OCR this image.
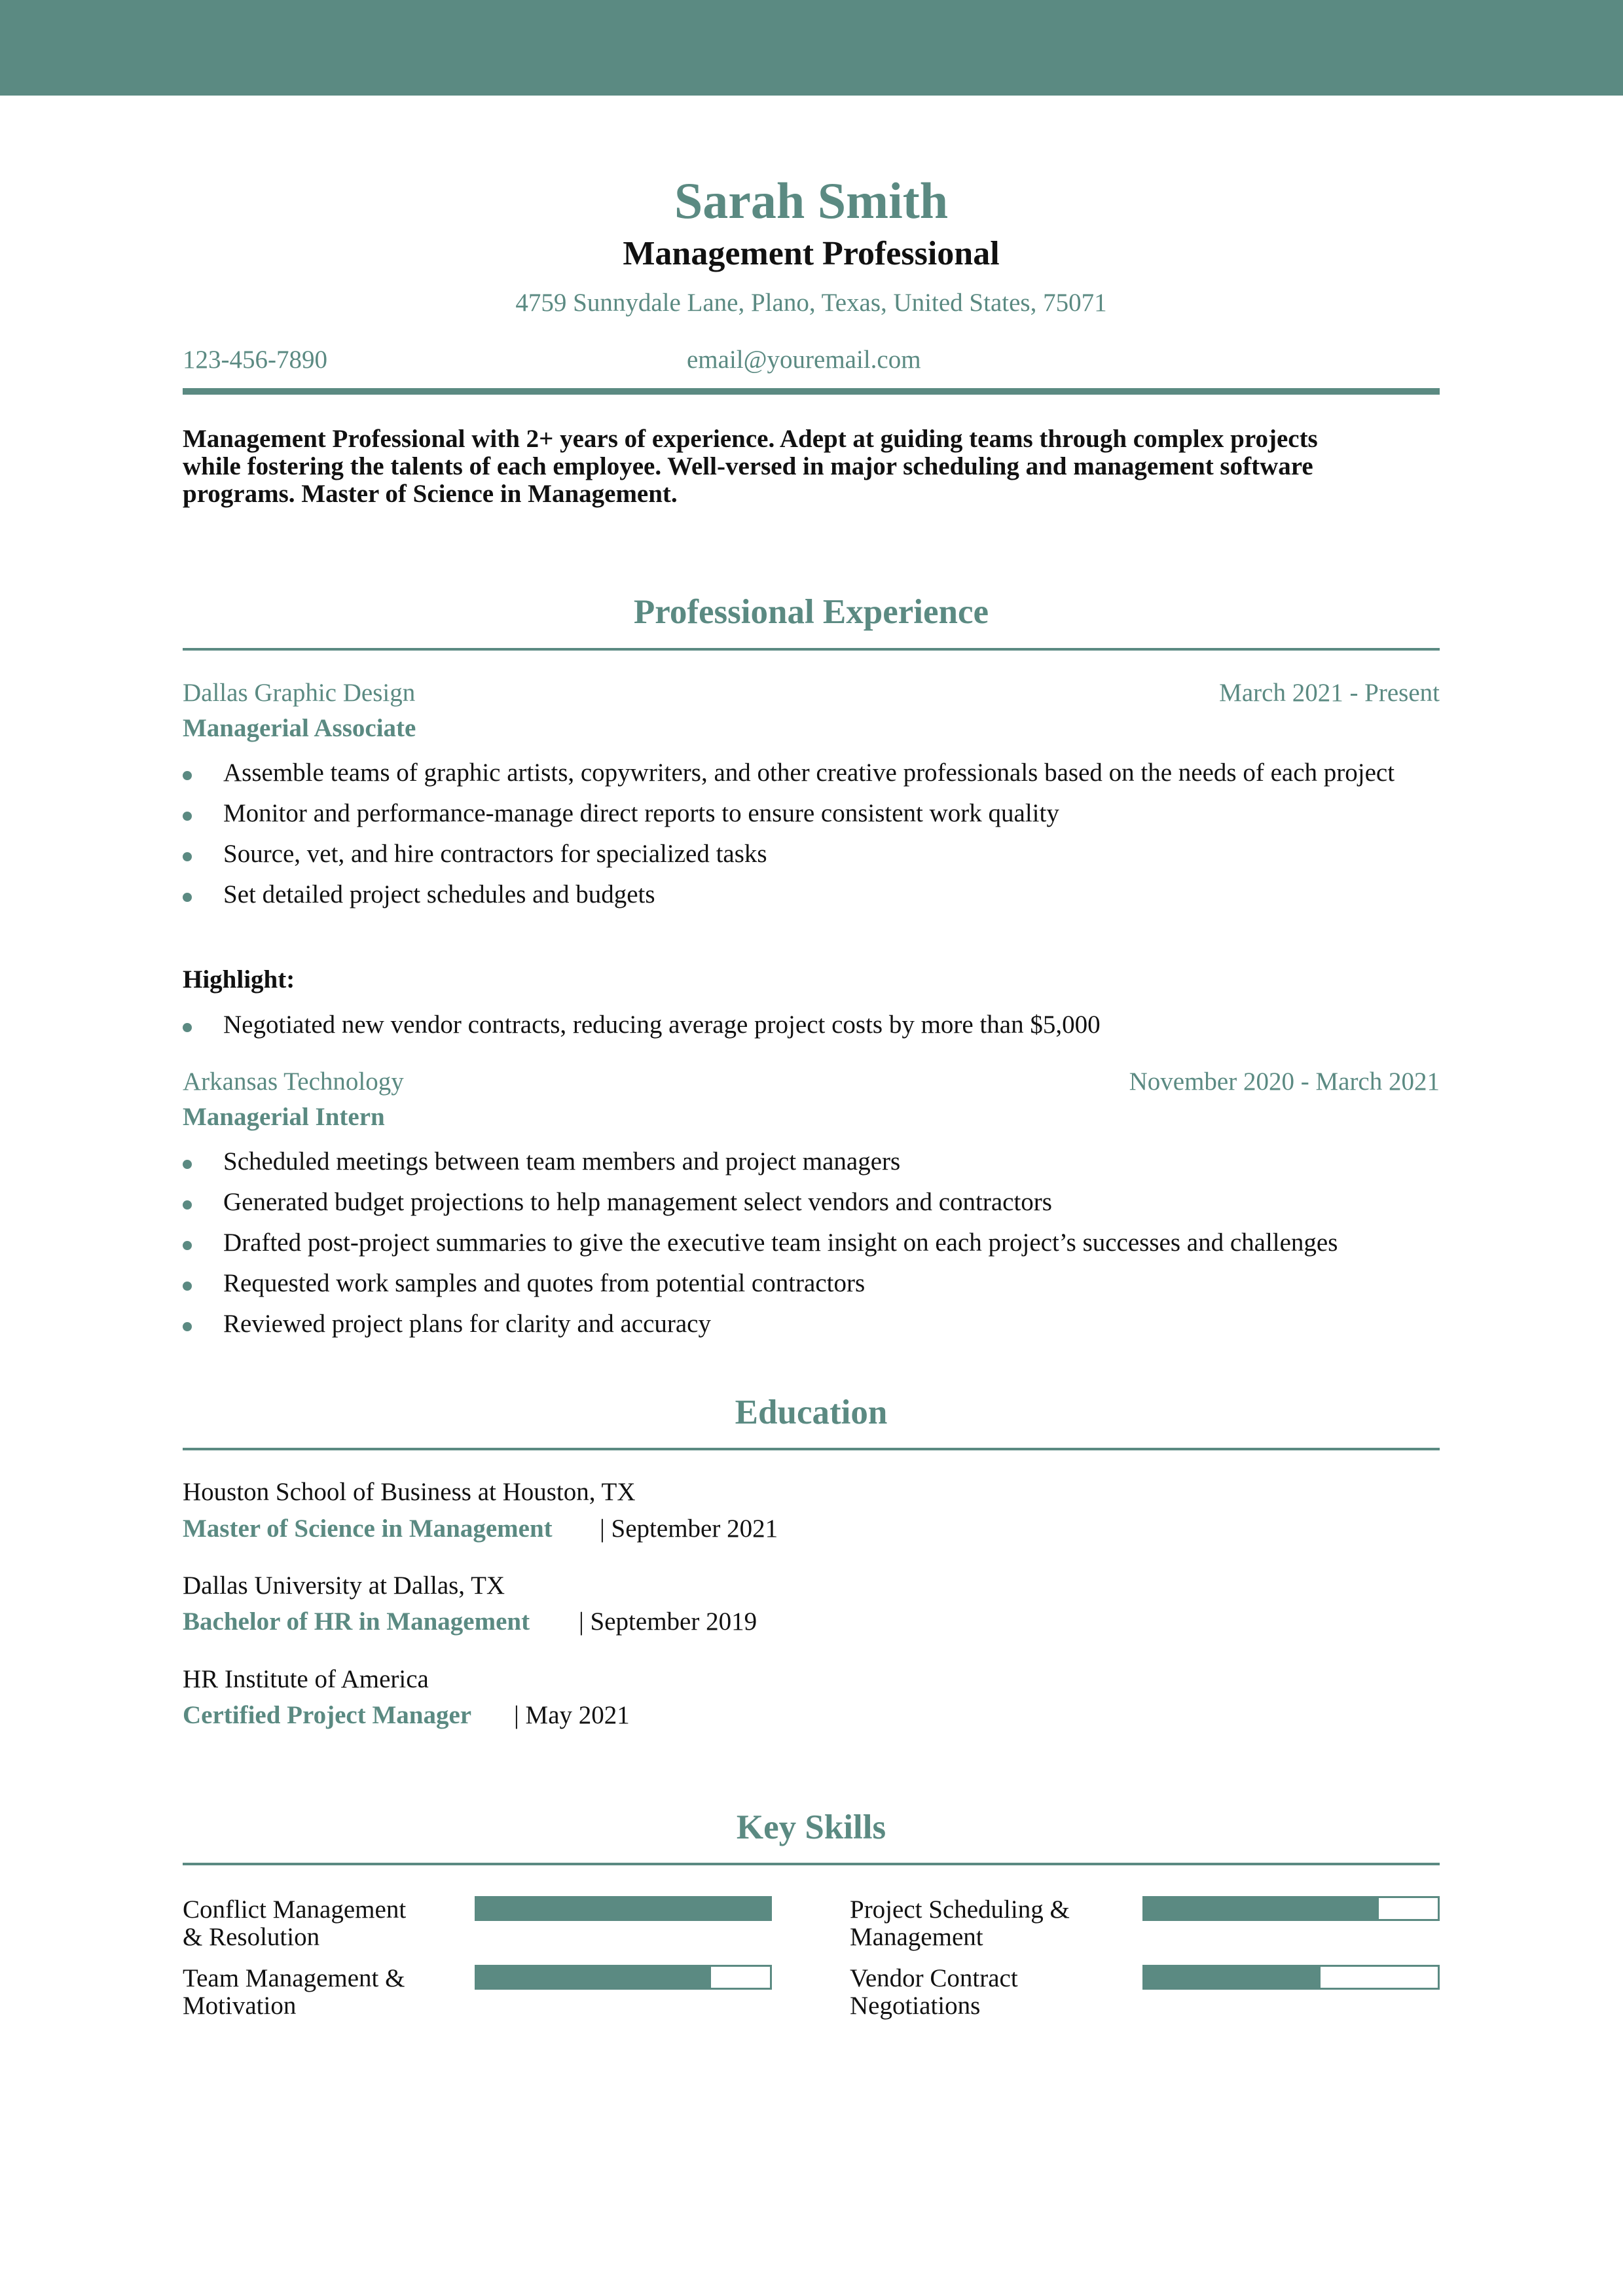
Sarah Smith
Management Professional
4759 Sunnydale Lane, Plano, Texas, United States, 75071
123-456-7890	email@youremail.com
Management Professional with 2+ years of experience. Adept at guiding teams through complex projects
while fostering the talents of each employee. Well-versed in major scheduling and management software
programs. Master of Science in Management.
Professional Experience
Dallas Graphic Design	March 2021 - Present
Managerial Associate
Assemble teams of graphic artists, copywriters, and other creative professionals based on the needs of each project
Monitor and performance-manage direct reports to ensure consistent work quality
Source, vet, and hire contractors for specialized tasks
Set detailed project schedules and budgets
Highlight:
Negotiated new vendor contracts, reducing average project costs by more than $5,000
Arkansas Technology	November 2020 - March 2021
Managerial Intern
Scheduled meetings between team members and project managers
Generated budget projections to help management select vendors and contractors
Drafted post-project summaries to give the executive team insight on each project’s successes and challenges
Requested work samples and quotes from potential contractors
Reviewed project plans for clarity and accuracy
Education
Houston School of Business at Houston, TX
Master of Science in Management | September 2021
Dallas University at Dallas, TX
Bachelor of HR in Management | September 2019
HR Institute of America
Certified Project Manager | May 2021
Key Skills
Conflict Management
& Resolution
Project Scheduling &
Management
Team Management &
Motivation
Vendor Contract
Negotiations
